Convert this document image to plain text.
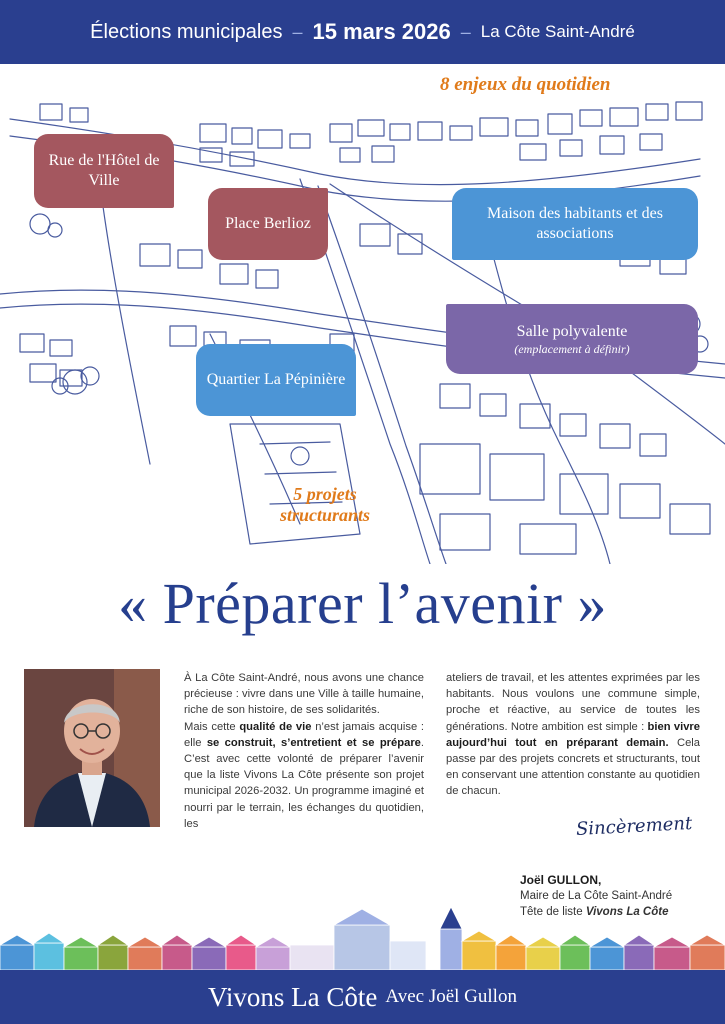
Élections municipales – 15 mars 2026 – La Côte Saint-André
8 enjeux du quotidien
5 projets structurants
Rue de l'Hôtel de Ville
Place Berlioz
Maison des habitants et des associations
Salle polyvalente
(emplacement à définir)
Quartier La Pépinière
« Préparer l’avenir »

À La Côte Saint-André, nous avons une chance précieuse : vivre dans une Ville à taille humaine, riche de son histoire, de ses solidarités.

Mais cette qualité de vie n’est jamais acquise : elle se construit, s’entretient et se prépare. C’est avec cette volonté de préparer l’avenir que la liste Vivons La Côte présente son projet municipal 2026-2032. Un programme imaginé et nourri par le terrain, les échanges du quotidien, les

ateliers de travail, et les attentes exprimées par les habitants. Nous voulons une commune simple, proche et réactive, au service de toutes les générations. Notre ambition est simple : bien vivre aujourd’hui tout en préparant demain. Cela passe par des projets concrets et structurants, tout en conservant une attention constante au quotidien de chacun.

Sincèrement
Joël GULLON,
Maire de La Côte Saint-André
Tête de liste Vivons La Côte
Vivons La Côte Avec Joël Gullon
